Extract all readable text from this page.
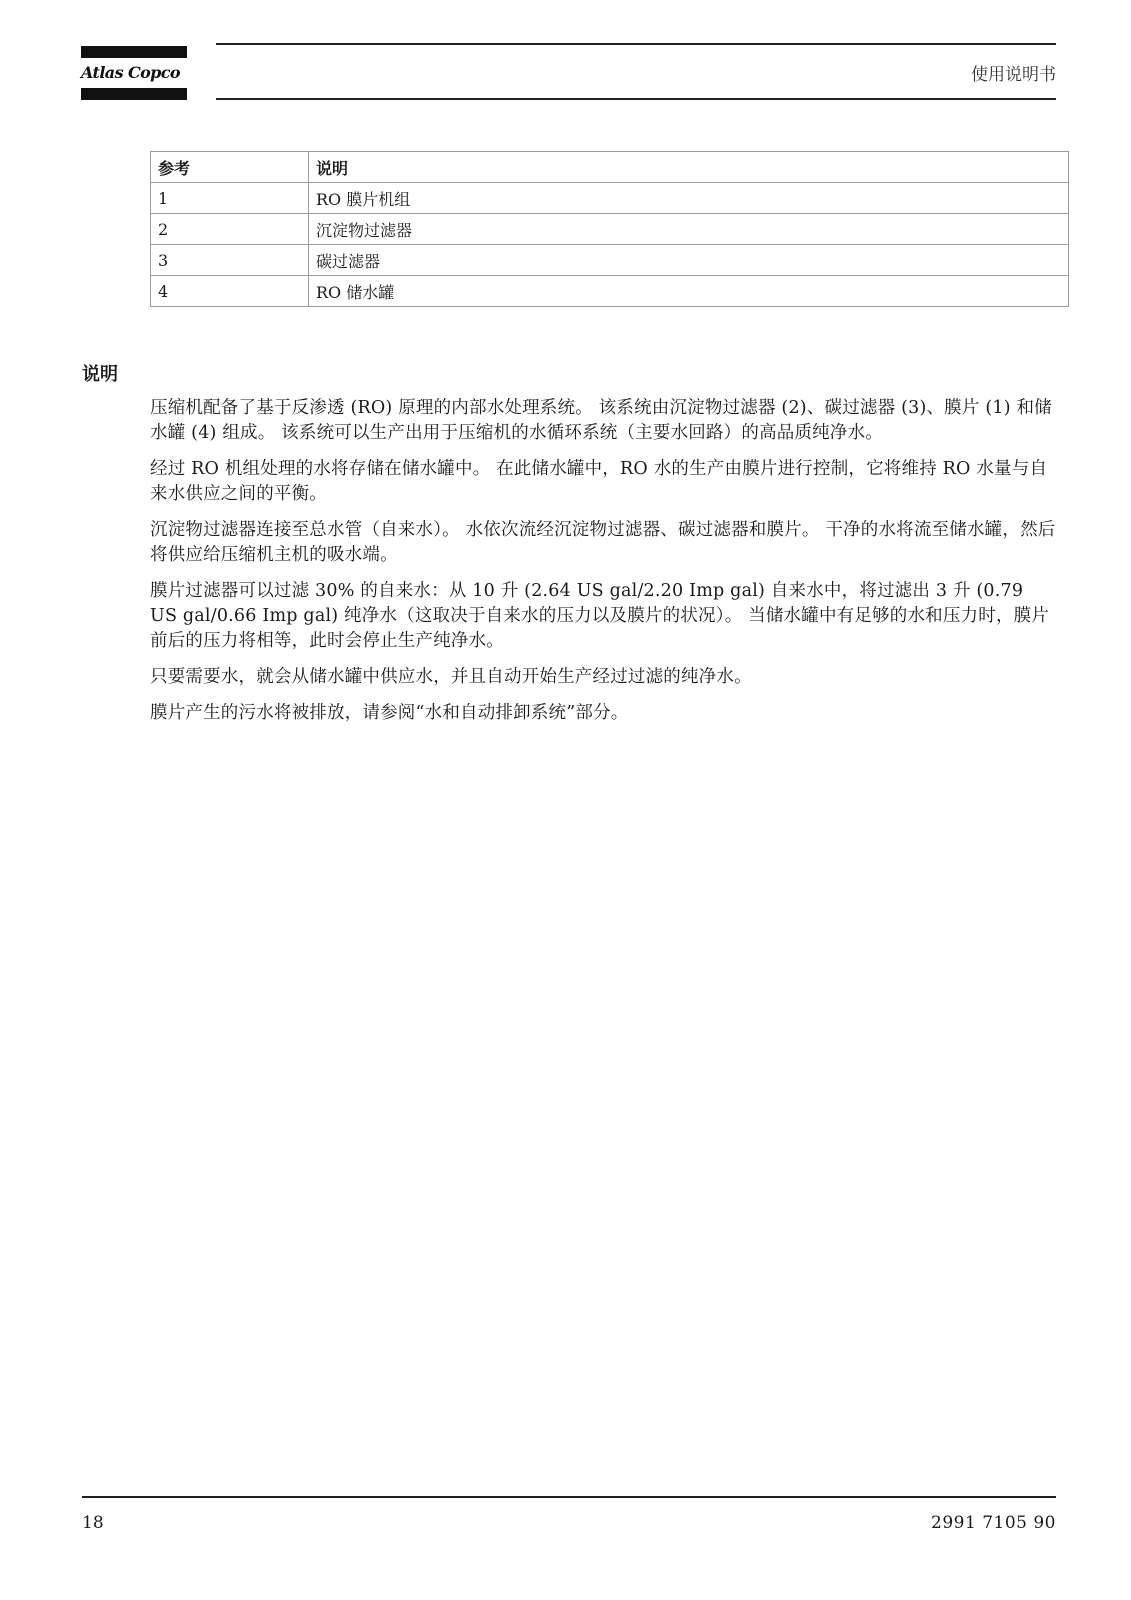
Atlas Copco	使用说明书
参考	说明
1	RO 膜片机组
2	沉淀物过滤器
3	碳过滤器
4	RO 储水罐
说明

压缩机配备了基于反渗透 (RO) 原理的内部水处理系统。 该系统由沉淀物过滤器 (2)、碳过滤器 (3)、膜片 (1) 和储水罐 (4) 组成。 该系统可以生产出用于压缩机的水循环系统（主要水回路）的高品质纯净水。

经过 RO 机组处理的水将存储在储水罐中。 在此储水罐中，RO 水的生产由膜片进行控制，它将维持 RO 水量与自来水供应之间的平衡。

沉淀物过滤器连接至总水管（自来水）。 水依次流经沉淀物过滤器、碳过滤器和膜片。 干净的水将流至储水罐，然后将供应给压缩机主机的吸水端。

膜片过滤器可以过滤 30% 的自来水：从 10 升 (2.64 US gal/2.20 Imp gal) 自来水中，将过滤出 3 升 (0.79 US gal/0.66 Imp gal) 纯净水（这取决于自来水的压力以及膜片的状况）。 当储水罐中有足够的水和压力时，膜片前后的压力将相等，此时会停止生产纯净水。

只要需要水，就会从储水罐中供应水，并且自动开始生产经过过滤的纯净水。

膜片产生的污水将被排放，请参阅“水和自动排卸系统”部分。

18	2991 7105 90
